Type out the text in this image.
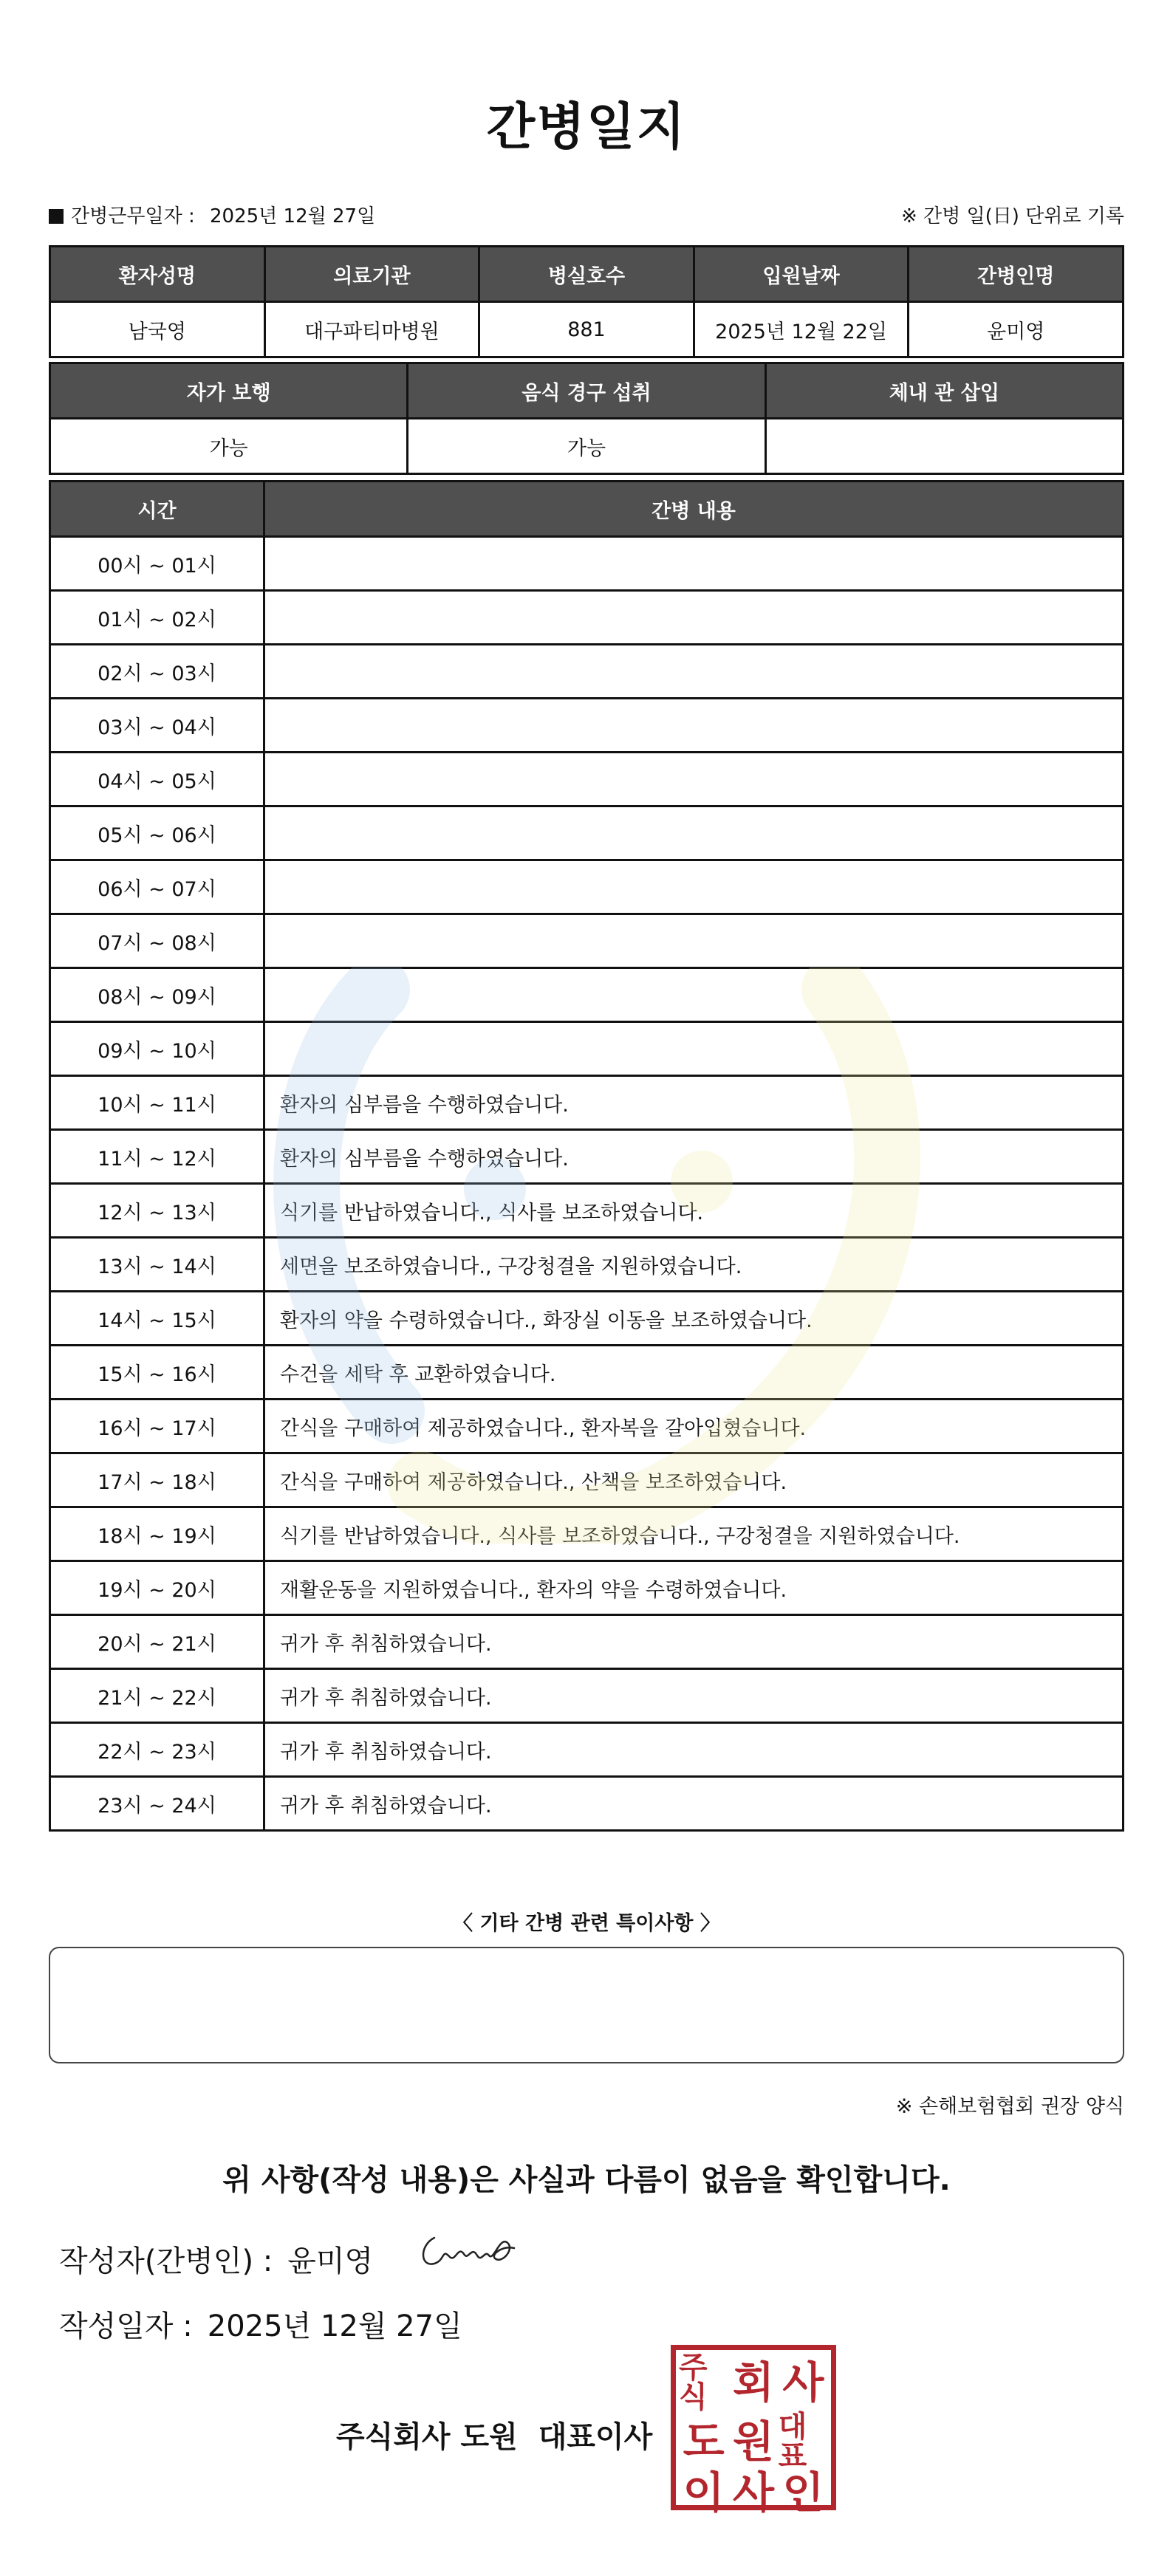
간병일지
간병근무일자 : 2025년 12월 27일	※ 간병 일(日) 단위로 기록
환자성명	의료기관	병실호수	입원날짜	간병인명
남국영	대구파티마병원	881	2025년 12월 22일	윤미영
자가 보행	음식 경구 섭취	체내 관 삽입
가능	가능	
시간	간병 내용
00시 ~ 01시	
01시 ~ 02시	
02시 ~ 03시	
03시 ~ 04시	
04시 ~ 05시	
05시 ~ 06시	
06시 ~ 07시	
07시 ~ 08시	
08시 ~ 09시	
09시 ~ 10시	
10시 ~ 11시	환자의 심부름을 수행하였습니다.
11시 ~ 12시	환자의 심부름을 수행하였습니다.
12시 ~ 13시	식기를 반납하였습니다., 식사를 보조하였습니다.
13시 ~ 14시	세면을 보조하였습니다., 구강청결을 지원하였습니다.
14시 ~ 15시	환자의 약을 수령하였습니다., 화장실 이동을 보조하였습니다.
15시 ~ 16시	수건을 세탁 후 교환하였습니다.
16시 ~ 17시	간식을 구매하여 제공하였습니다., 환자복을 갈아입혔습니다.
17시 ~ 18시	간식을 구매하여 제공하였습니다., 산책을 보조하였습니다.
18시 ~ 19시	식기를 반납하였습니다., 식사를 보조하였습니다., 구강청결을 지원하였습니다.
19시 ~ 20시	재활운동을 지원하였습니다., 환자의 약을 수령하였습니다.
20시 ~ 21시	귀가 후 취침하였습니다.
21시 ~ 22시	귀가 후 취침하였습니다.
22시 ~ 23시	귀가 후 취침하였습니다.
23시 ~ 24시	귀가 후 취침하였습니다.
〈 기타 간병 관련 특이사항 〉
※ 손해보험협회 권장 양식
위 사항(작성 내용)은 사실과 다름이 없음을 확인합니다.
작성자(간병인) : 윤미영
작성일자 : 2025년 12월 27일
주식회사 도원 대표이사
주식 회 사
도 원 대표
이 사 인
